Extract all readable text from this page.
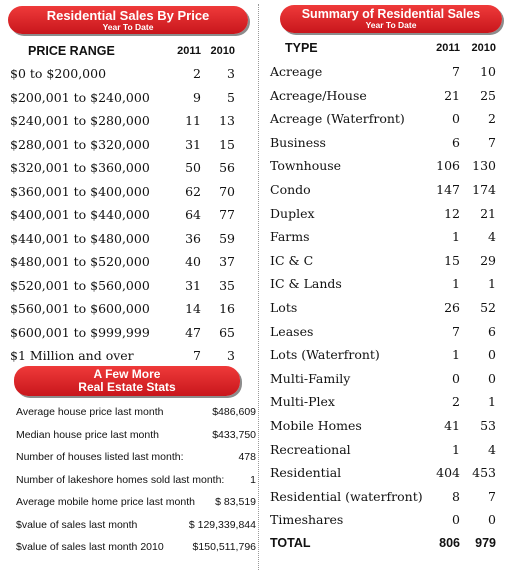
Residential Sales By Price
Year To Date
PRICE RANGE	2011 2010
$0 to $200,000	2	3
$200,001 to $240,000	9	5
$240,001 to $280,000	11	13
$280,001 to $320,000	31	15
$320,001 to $360,000	50	56
$360,001 to $400,000	62	70
$400,001 to $440,000	64	77
$440,001 to $480,000	36	59
$480,001 to $520,000	40	37
$520,001 to $560,000	31	35
$560,001 to $600,000	14	16
$600,001 to $999,999	47	65
$1 Million and over	7	3
A Few More
Real Estate Stats
Average house price last month	$486,609
Median house price last month	$433,750
Number of houses listed last month:	478
Number of lakeshore homes sold last month: 1
Average mobile home price last month $ 83,519
$value of sales last month	$ 129,339,844
$value of sales last month 2010	$150,511,796
Summary of Residential Sales
Year To Date
TYPE	2011	2010
Acreage	7	10
Acreage/House	21	25
Acreage (Waterfront)	0	2
Business	6	7
Townhouse	106 130
Condo	147 174
Duplex	12	21
Farms	1	4
IC & C	15	29
IC & Lands	1	1
Lots	26	52
Leases	7	6
Lots (Waterfront)	1	0
Multi-Family	0	0
Multi-Plex	2	1
Mobile Homes	41	53
Recreational	1	4
Residential	404 453
Residential (waterfront)	8	7
Timeshares	0	0
TOTAL	806	979
